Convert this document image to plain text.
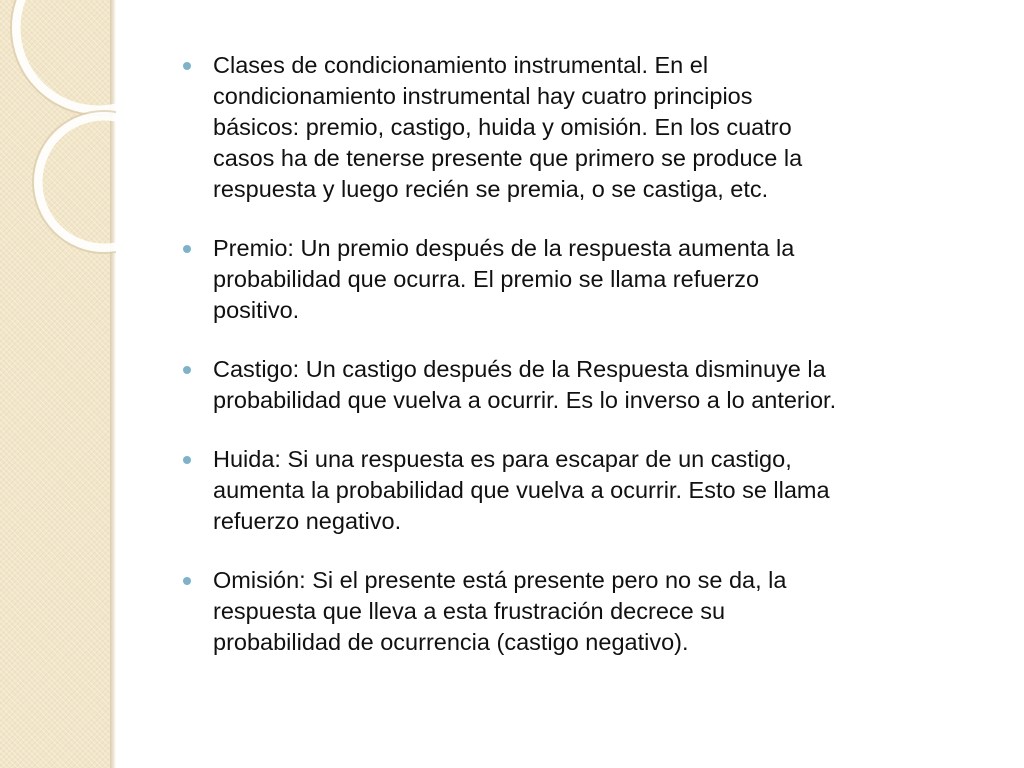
Clases de condicionamiento instrumental. En el
condicionamiento instrumental hay cuatro principios
básicos: premio, castigo, huida y omisión. En los cuatro
casos ha de tenerse presente que primero se produce la
respuesta y luego recién se premia, o se castiga, etc.
Premio: Un premio después de la respuesta aumenta la
probabilidad que ocurra. El premio se llama refuerzo
positivo.
Castigo: Un castigo después de la Respuesta disminuye la
probabilidad que vuelva a ocurrir. Es lo inverso a lo anterior.
Huida: Si una respuesta es para escapar de un castigo,
aumenta la probabilidad que vuelva a ocurrir. Esto se llama
refuerzo negativo.
Omisión: Si el presente está presente pero no se da, la
respuesta que lleva a esta frustración decrece su
probabilidad de ocurrencia (castigo negativo).
